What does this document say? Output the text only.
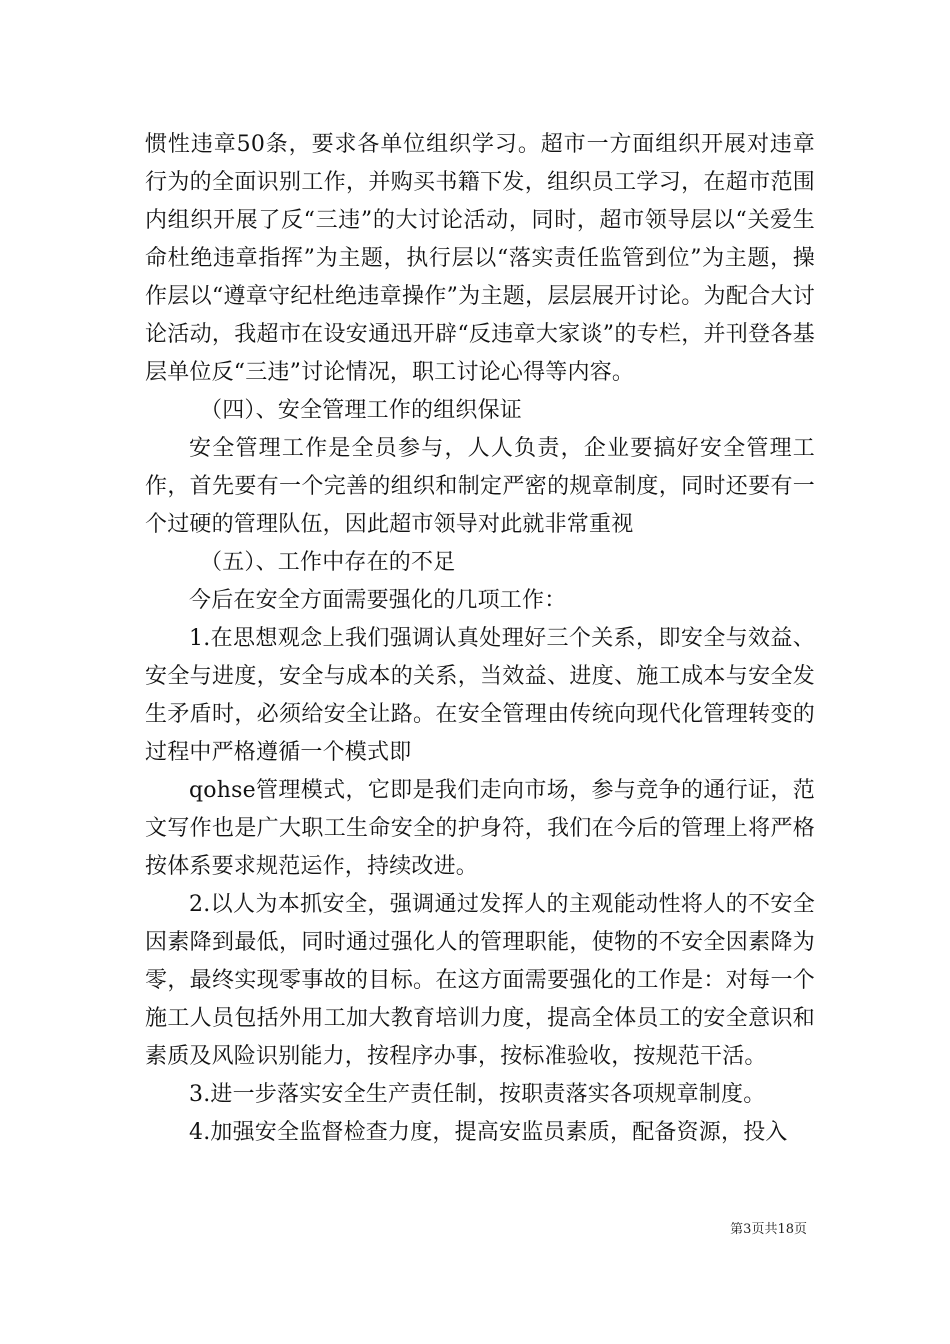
惯性违章50条，要求各单位组织学习。超市一方面组织开展对违章行为的全面识别工作，并购买书籍下发，组织员工学习，在超市范围内组织开展了反“三违”的大讨论活动，同时，超市领导层以“关爱生命杜绝违章指挥”为主题，执行层以“落实责任监管到位”为主题，操作层以“遵章守纪杜绝违章操作”为主题，层层展开讨论。为配合大讨论活动，我超市在设安通迅开辟“反违章大家谈”的专栏，并刊登各基层单位反“三违”讨论情况，职工讨论心得等内容。

（四）、安全管理工作的组织保证

安全管理工作是全员参与，人人负责，企业要搞好安全管理工作，首先要有一个完善的组织和制定严密的规章制度，同时还要有一个过硬的管理队伍，因此超市领导对此就非常重视

（五）、工作中存在的不足

今后在安全方面需要强化的几项工作：

1.在思想观念上我们强调认真处理好三个关系，即安全与效益、安全与进度，安全与成本的关系，当效益、进度、施工成本与安全发生矛盾时，必须给安全让路。在安全管理由传统向现代化管理转变的过程中严格遵循一个模式即

qohse管理模式，它即是我们走向市场，参与竞争的通行证，范文写作也是广大职工生命安全的护身符，我们在今后的管理上将严格按体系要求规范运作，持续改进。

2.以人为本抓安全，强调通过发挥人的主观能动性将人的不安全因素降到最低，同时通过强化人的管理职能，使物的不安全因素降为零，最终实现零事故的目标。在这方面需要强化的工作是：对每一个施工人员包括外用工加大教育培训力度，提高全体员工的安全意识和素质及风险识别能力，按程序办事，按标准验收，按规范干活。

3.进一步落实安全生产责任制，按职责落实各项规章制度。

4.加强安全监督检查力度，提高安监员素质，配备资源，投入

第3页共18页
